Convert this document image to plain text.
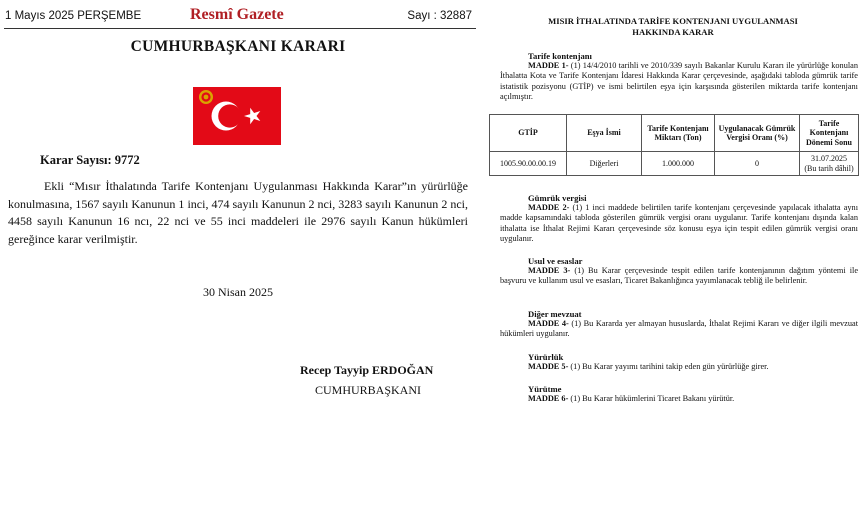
1 Mayıs 2025 PERŞEMBE	Resmî Gazete	Sayı : 32887
CUMHURBAŞKANI KARARI
Karar Sayısı: 9772
Ekli “Mısır İthalatında Tarife Kontenjanı Uygulanması Hakkında Karar”ın yürürlüğe konulmasına, 1567 sayılı Kanunun 1 inci, 474 sayılı Kanunun 2 nci, 3283 sayılı Kanunun 2 nci, 4458 sayılı Kanunun 16 ncı, 22 nci ve 55 inci maddeleri ile 2976 sayılı Kanun hükümleri gereğince karar verilmiştir.
30 Nisan 2025
Recep Tayyip ERDOĞAN
CUMHURBAŞKANI
MISIR İTHALATINDA TARİFE KONTENJANI UYGULANMASI HAKKINDA KARAR
Tarife kontenjanı
MADDE 1- (1) 14/4/2010 tarihli ve 2010/339 sayılı Bakanlar Kurulu Kararı ile yürürlüğe konulan İthalatta Kota ve Tarife Kontenjanı İdaresi Hakkında Karar çerçevesinde, aşağıdaki tabloda gümrük tarife istatistik pozisyonu (GTİP) ve ismi belirtilen eşya için karşısında gösterilen miktarda tarife kontenjanı açılmıştır.
GTİP	Eşya İsmi	Tarife Kontenjanı Miktarı (Ton)	Uygulanacak Gümrük Vergisi Oranı (%)	Tarife Kontenjanı Dönemi Sonu
1005.90.00.00.19	Diğerleri	1.000.000	0	31.07.2025
(Bu tarih dâhil)
Gümrük vergisi
MADDE 2- (1) 1 inci maddede belirtilen tarife kontenjanı çerçevesinde yapılacak ithalatta aynı madde kapsamındaki tabloda gösterilen gümrük vergisi oranı uygulanır. Tarife kontenjanı dışında kalan ithalatta ise İthalat Rejimi Kararı çerçevesinde söz konusu eşya için tespit edilen gümrük vergisi oranı uygulanır.
Usul ve esaslar
MADDE 3- (1) Bu Karar çerçevesinde tespit edilen tarife kontenjanının dağıtım yöntemi ile başvuru ve kullanım usul ve esasları, Ticaret Bakanlığınca yayımlanacak tebliğ ile belirlenir.
Diğer mevzuat
MADDE 4- (1) Bu Kararda yer almayan hususlarda, İthalat Rejimi Kararı ve diğer ilgili mevzuat hükümleri uygulanır.
Yürürlük
MADDE 5- (1) Bu Karar yayımı tarihini takip eden gün yürürlüğe girer.
Yürütme
MADDE 6- (1) Bu Karar hükümlerini Ticaret Bakanı yürütür.
